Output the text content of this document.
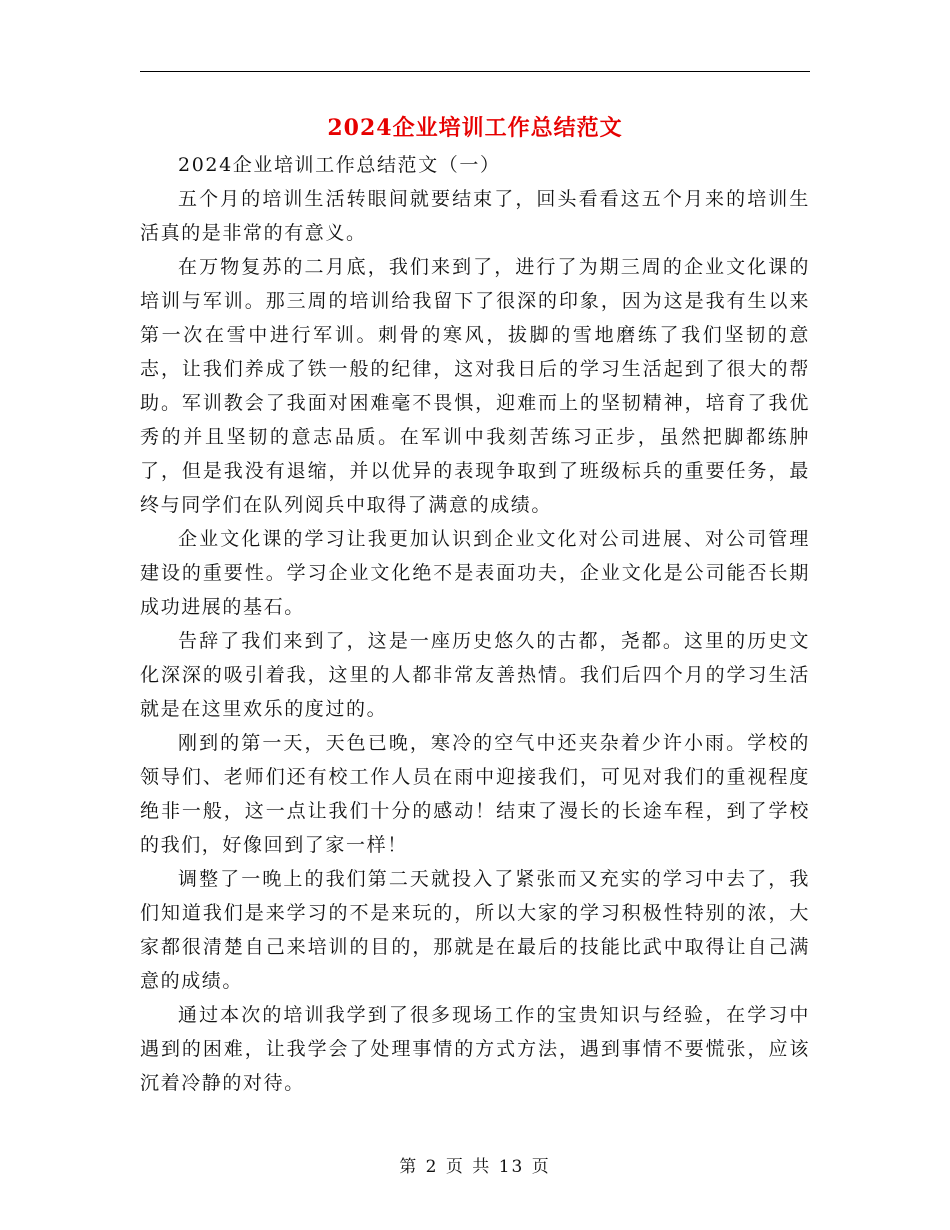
2024企业培训工作总结范文

2024企业培训工作总结范文（一）

五个月的培训生活转眼间就要结束了，回头看看这五个月来的培训生活真的是非常的有意义。

在万物复苏的二月底，我们来到了，进行了为期三周的企业文化课的培训与军训。那三周的培训给我留下了很深的印象，因为这是我有生以来第一次在雪中进行军训。刺骨的寒风，拔脚的雪地磨练了我们坚韧的意志，让我们养成了铁一般的纪律，这对我日后的学习生活起到了很大的帮助。军训教会了我面对困难毫不畏惧，迎难而上的坚韧精神，培育了我优秀的并且坚韧的意志品质。在军训中我刻苦练习正步，虽然把脚都练肿了，但是我没有退缩，并以优异的表现争取到了班级标兵的重要任务，最终与同学们在队列阅兵中取得了满意的成绩。

企业文化课的学习让我更加认识到企业文化对公司进展、对公司管理建设的重要性。学习企业文化绝不是表面功夫，企业文化是公司能否长期成功进展的基石。

告辞了我们来到了，这是一座历史悠久的古都，尧都。这里的历史文化深深的吸引着我，这里的人都非常友善热情。我们后四个月的学习生活就是在这里欢乐的度过的。

刚到的第一天，天色已晚，寒冷的空气中还夹杂着少许小雨。学校的领导们、老师们还有校工作人员在雨中迎接我们，可见对我们的重视程度绝非一般，这一点让我们十分的感动！结束了漫长的长途车程，到了学校的我们，好像回到了家一样！

调整了一晚上的我们第二天就投入了紧张而又充实的学习中去了，我们知道我们是来学习的不是来玩的，所以大家的学习积极性特别的浓，大家都很清楚自己来培训的目的，那就是在最后的技能比武中取得让自己满意的成绩。

通过本次的培训我学到了很多现场工作的宝贵知识与经验，在学习中遇到的困难，让我学会了处理事情的方式方法，遇到事情不要慌张，应该沉着冷静的对待。

第 2 页 共 13 页
